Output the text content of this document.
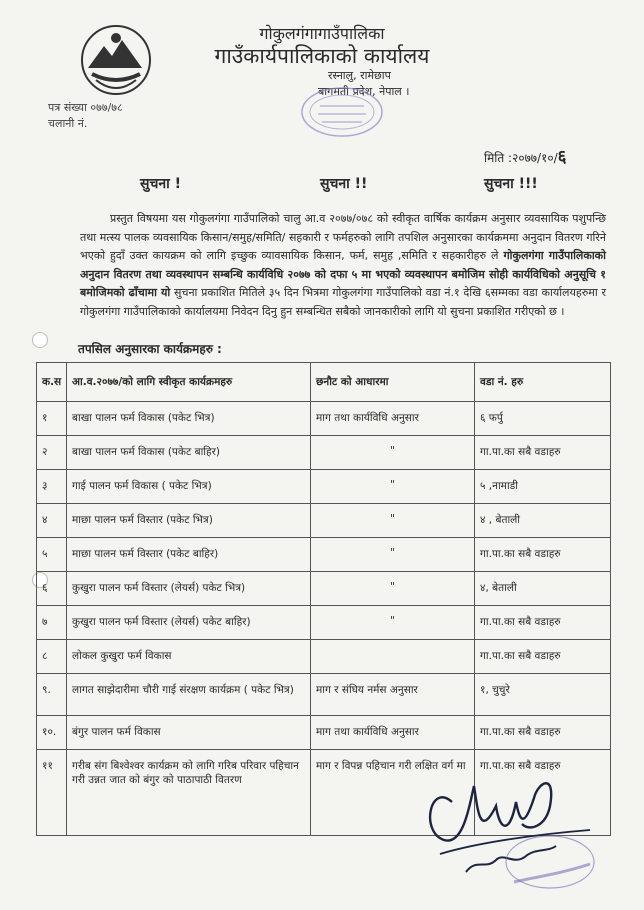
गोकुलगंगागाउँपालिका
गाउँकार्यपालिकाको कार्यालय
रस्नालु, रामेछाप
बागमती प्रदेश, नेपाल ।
पत्र संख्या ०७७/७८
चलानी नं.
मिति :२०७७/१०/६
सुचना !	सुचना !!	सुचना !!!
प्रस्तुत विषयमा यस गोकुलगंगा गाउँपालिको चालु आ.व २०७७/०७८ को स्वीकृत वार्षिक कार्यक्रम अनुसार व्यवसायिक पशुपन्छि तथा मत्स्य पालक व्यवसायिक किसान/समुह/समिति/ सहकारी र फर्महरुको लागि तपशिल अनुसारका कार्यक्रममा अनुदान वितरण गरिने भएको हुदाँ उक्त कायक्रम को लागि इच्छुक व्यावसायिक किसान, फर्म, समुह ,समिति र सहकारीहरु ले गोकुलगंगा गाउँपालिकाको अनुदान वितरण तथा व्यवस्थापन सम्बन्धि कार्यविधि २०७७ को दफा ५ मा भएको व्यवस्थापन बमोजिम सोही कार्यविधिको अनुसूचि १ बमोजिमको ढाँचामा यो सुचना प्रकाशित मितिले ३५ दिन भित्रमा गोकुलगंगा गाउँपालिको वडा नं.१ देखि ६सम्मका वडा कार्यालयहरुमा र गोकुलगंगा गाउँपालिकाको कार्यालयमा निवेदन दिनु हुन सम्बन्धित सबैको जानकारीको लागि यो सुचना प्रकाशित गरीएको छ ।
तपसिल अनुसारका कार्यक्रमहरु :
क.स	आ.व.२०७७/को लागि स्वीकृत कार्यक्रमहरु	छनौट को आधारमा	वडा नं. हरु
१	बाखा पालन फर्म विकास (पकेट भित्र)	माग तथा कार्यविधि अनुसार	६ फर्पु
२	बाखा पालन फर्म विकास (पकेट बाहिर)	"	गा.पा.का सबै वडाहरु
३	गाई पालन फर्म विकास ( पकेट भित्र)	"	५ ,नामाडी
४	माछा पालन फर्म विस्तार (पकेट भित्र)	"	४ , बेताली
५	माछा पालन फर्म विस्तार (पकेट बाहिर)	"	गा.पा.का सबै वडाहरु
६	कुखुरा पालन फर्म विस्तार (लेयर्स) पकेट भित्र)	"	४, बेताली
७	कुखुरा पालन फर्म विस्तार (लेयर्स) पकेट बाहिर)	"	गा.पा.का सबै वडाहरु
८	लोकल कुखुरा फर्म विकास		गा.पा.का सबै वडाहरु
९.	लागत साझेदारीमा चौरी गाई संरक्षण कार्यक्रम ( पकेट भित्र)	माग र संघिय नर्मस अनुसार	१, चुचुरे
१०.	बंगुर पालन फर्म विकास	माग तथा कार्यविधि अनुसार	गा.पा.का सबै वडाहरु
११	गरीब संग बिश्वेश्वर कार्यक्रम को लागि गरिब परिवार पहिचान गरी उन्नत जात को बंगुर को पाठापाठी वितरण	माग र विपन्न पहिचान गरी लक्षित वर्ग मा	गा.पा.का सबै वडाहरु
